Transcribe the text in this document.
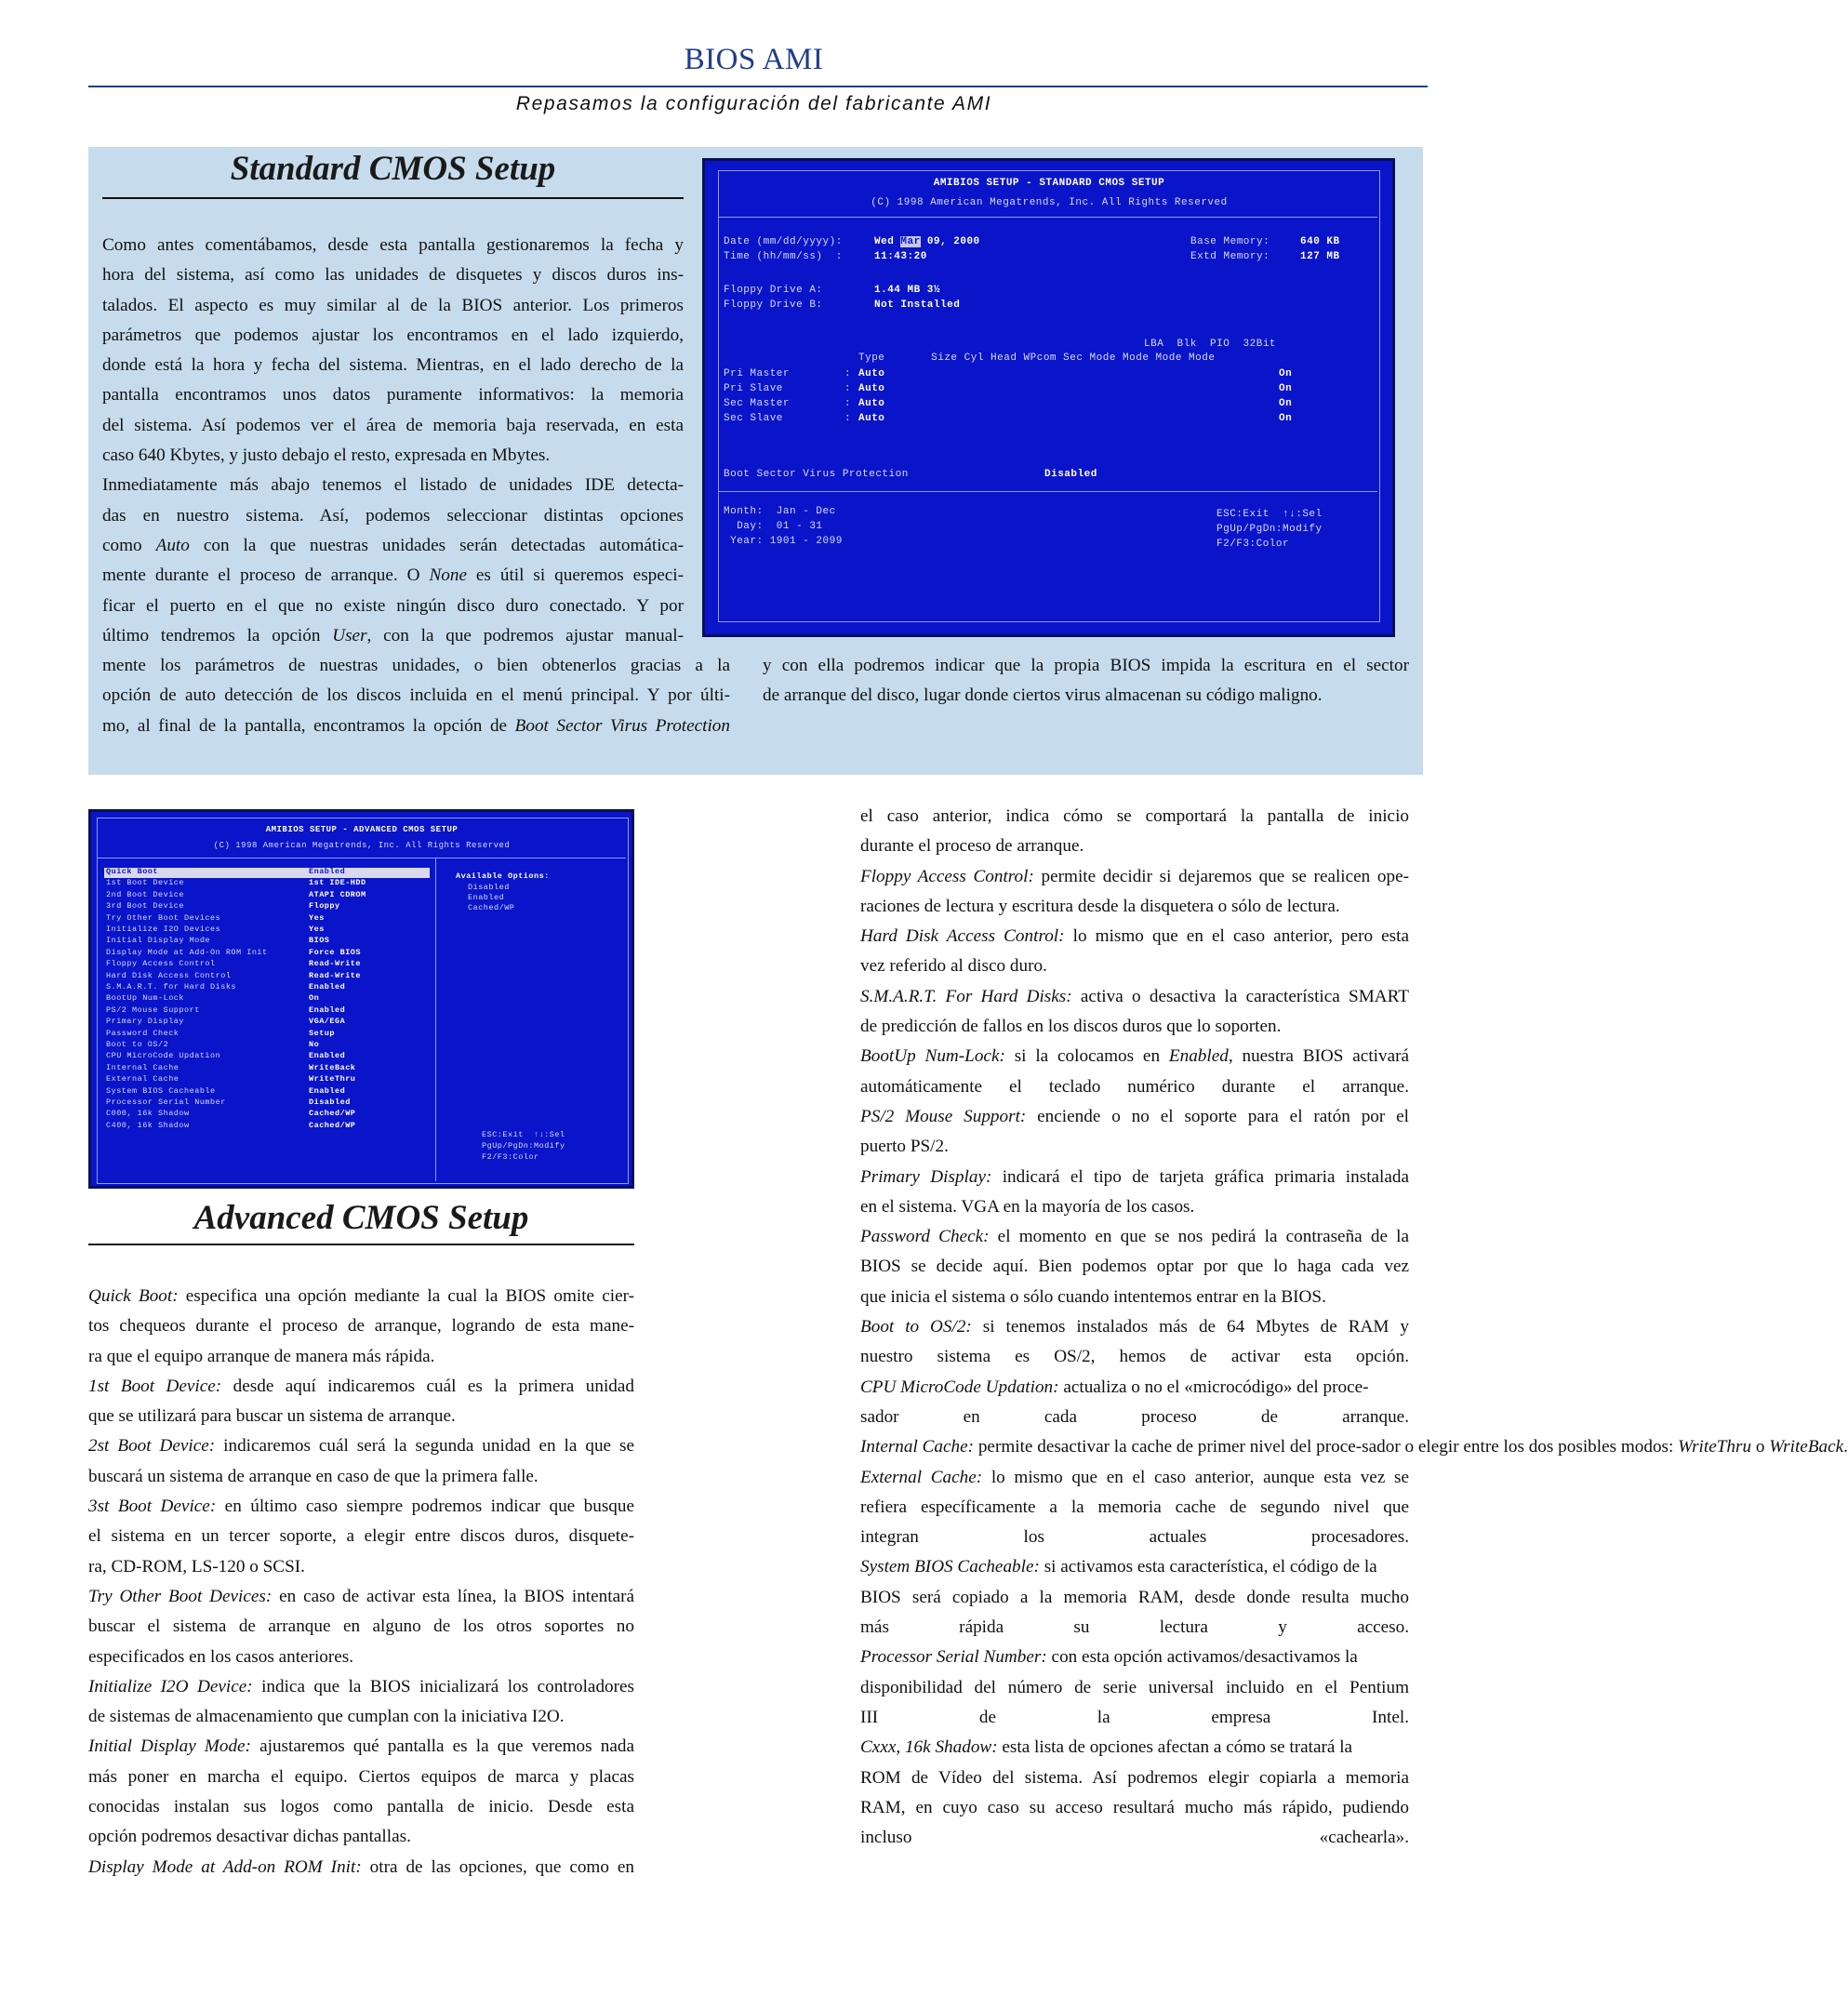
BIOS AMI
Repasamos la configuración del fabricante AMI
Standard CMOS Setup
Como antes comentábamos, desde esta pantalla gestionaremos la fecha y
hora del sistema, así como las unidades de disquetes y discos duros ins-
talados. El aspecto es muy similar al de la BIOS anterior. Los primeros
parámetros que podemos ajustar los encontramos en el lado izquierdo,
donde está la hora y fecha del sistema. Mientras, en el lado derecho de la
pantalla encontramos unos datos puramente informativos: la memoria
del sistema. Así podemos ver el área de memoria baja reservada, en esta
caso 640 Kbytes, y justo debajo el resto, expresada en Mbytes.
Inmediatamente más abajo tenemos el listado de unidades IDE detecta-
das en nuestro sistema. Así, podemos seleccionar distintas opciones
como Auto con la que nuestras unidades serán detectadas automática-
mente durante el proceso de arranque. O None es útil si queremos especi-
ficar el puerto en el que no existe ningún disco duro conectado. Y por
último tendremos la opción User, con la que podremos ajustar manual-
mente los parámetros de nuestras unidades, o bien obtenerlos gracias a la
opción de auto detección de los discos incluida en el menú principal. Y por últi-
mo, al final de la pantalla, encontramos la opción de Boot Sector Virus Protection
y con ella podremos indicar que la propia BIOS impida la escritura en el sector
de arranque del disco, lugar donde ciertos virus almacenan su código maligno.
AMIBIOS SETUP - STANDARD CMOS SETUP
(C) 1998 American Megatrends, Inc. All Rights Reserved
Date (mm/dd/yyyy):	Wed Mar 09, 2000
Time (hh/mm/ss)  :	11:43:20
Base Memory:	640 KB
Extd Memory:	127 MB
Floppy Drive A:	1.44 MB 3½
Floppy Drive B:	Not Installed
LBA  Blk  PIO  32Bit
Type       Size Cyl Head WPcom Sec Mode Mode Mode Mode
Pri Master	: Auto	On
Pri Slave	: Auto	On
Sec Master	: Auto	On
Sec Slave	: Auto	On
Boot Sector Virus Protection	Disabled
Month:  Jan - Dec
Day:  01 - 31
Year: 1901 - 2099
ESC:Exit  ↑↓:Sel
PgUp/PgDn:Modify
F2/F3:Color
AMIBIOS SETUP - ADVANCED CMOS SETUP
(C) 1998 American Megatrends, Inc. All Rights Reserved
Quick Boot	Enabled
1st Boot Device	1st IDE-HDD
2nd Boot Device	ATAPI CDROM
3rd Boot Device	Floppy
Try Other Boot Devices	Yes
Initialize I2O Devices	Yes
Initial Display Mode	BIOS
Display Mode at Add-On ROM Init	Force BIOS
Floppy Access Control	Read-Write
Hard Disk Access Control	Read-Write
S.M.A.R.T. for Hard Disks	Enabled
BootUp Num-Lock	On
PS/2 Mouse Support	Enabled
Primary Display	VGA/EGA
Password Check	Setup
Boot to OS/2	No
CPU MicroCode Updation	Enabled
Internal Cache	WriteBack
External Cache	WriteThru
System BIOS Cacheable	Enabled
Processor Serial Number	Disabled
C000, 16k Shadow	Cached/WP
C400, 16k Shadow	Cached/WP
Available Options:
Disabled
Enabled
Cached/WP
ESC:Exit  ↑↓:Sel
PgUp/PgDn:Modify
F2/F3:Color
Advanced CMOS Setup
Quick Boot: especifica una opción mediante la cual la BIOS omite cier-
tos chequeos durante el proceso de arranque, logrando de esta mane-
ra que el equipo arranque de manera más rápida.
1st Boot Device: desde aquí indicaremos cuál es la primera unidad
que se utilizará para buscar un sistema de arranque.
2st Boot Device: indicaremos cuál será la segunda unidad en la que se
buscará un sistema de arranque en caso de que la primera falle.
3st Boot Device: en último caso siempre podremos indicar que busque
el sistema en un tercer soporte, a elegir entre discos duros, disquete-
ra, CD-ROM, LS-120 o SCSI.
Try Other Boot Devices: en caso de activar esta línea, la BIOS intentará
buscar el sistema de arranque en alguno de los otros soportes no
especificados en los casos anteriores.
Initialize I2O Device: indica que la BIOS inicializará los controladores
de sistemas de almacenamiento que cumplan con la iniciativa I2O.
Initial Display Mode: ajustaremos qué pantalla es la que veremos nada
más poner en marcha el equipo. Ciertos equipos de marca y placas
conocidas instalan sus logos como pantalla de inicio. Desde esta
opción podremos desactivar dichas pantallas.
Display Mode at Add-on ROM Init: otra de las opciones, que como en
el caso anterior, indica cómo se comportará la pantalla de inicio
durante el proceso de arranque.
Floppy Access Control: permite decidir si dejaremos que se realicen ope-
raciones de lectura y escritura desde la disquetera o sólo de lectura.
Hard Disk Access Control: lo mismo que en el caso anterior, pero esta
vez referido al disco duro.
S.M.A.R.T. For Hard Disks: activa o desactiva la característica SMART
de predicción de fallos en los discos duros que lo soporten.
BootUp Num-Lock: si la colocamos en Enabled, nuestra BIOS activará
automáticamente el teclado numérico durante el arranque.
PS/2 Mouse Support: enciende o no el soporte para el ratón por el
puerto PS/2.
Primary Display: indicará el tipo de tarjeta gráfica primaria instalada
en el sistema. VGA en la mayoría de los casos.
Password Check: el momento en que se nos pedirá la contraseña de la
BIOS se decide aquí. Bien podemos optar por que lo haga cada vez
que inicia el sistema o sólo cuando intentemos entrar en la BIOS.
Boot to OS/2: si tenemos instalados más de 64 Mbytes de RAM y
nuestro sistema es OS/2, hemos de activar esta opción.
CPU MicroCode Updation: actualiza o no el «microcódigo» del proce-
sador en cada proceso de arranque.
Internal Cache: permite desactivar la cache de primer nivel del proce-sador o elegir entre los dos posibles modos: WriteThru o WriteBack.
External Cache: lo mismo que en el caso anterior, aunque esta vez se
refiera específicamente a la memoria cache de segundo nivel que
integran los actuales procesadores.
System BIOS Cacheable: si activamos esta característica, el código de la
BIOS será copiado a la memoria RAM, desde donde resulta mucho
más rápida su lectura y acceso.
Processor Serial Number: con esta opción activamos/desactivamos la
disponibilidad del número de serie universal incluido en el Pentium
III de la empresa Intel.
Cxxx, 16k Shadow: esta lista de opciones afectan a cómo se tratará la
ROM de Vídeo del sistema. Así podremos elegir copiarla a memoria
RAM, en cuyo caso su acceso resultará mucho más rápido, pudiendo
incluso «cachearla».
